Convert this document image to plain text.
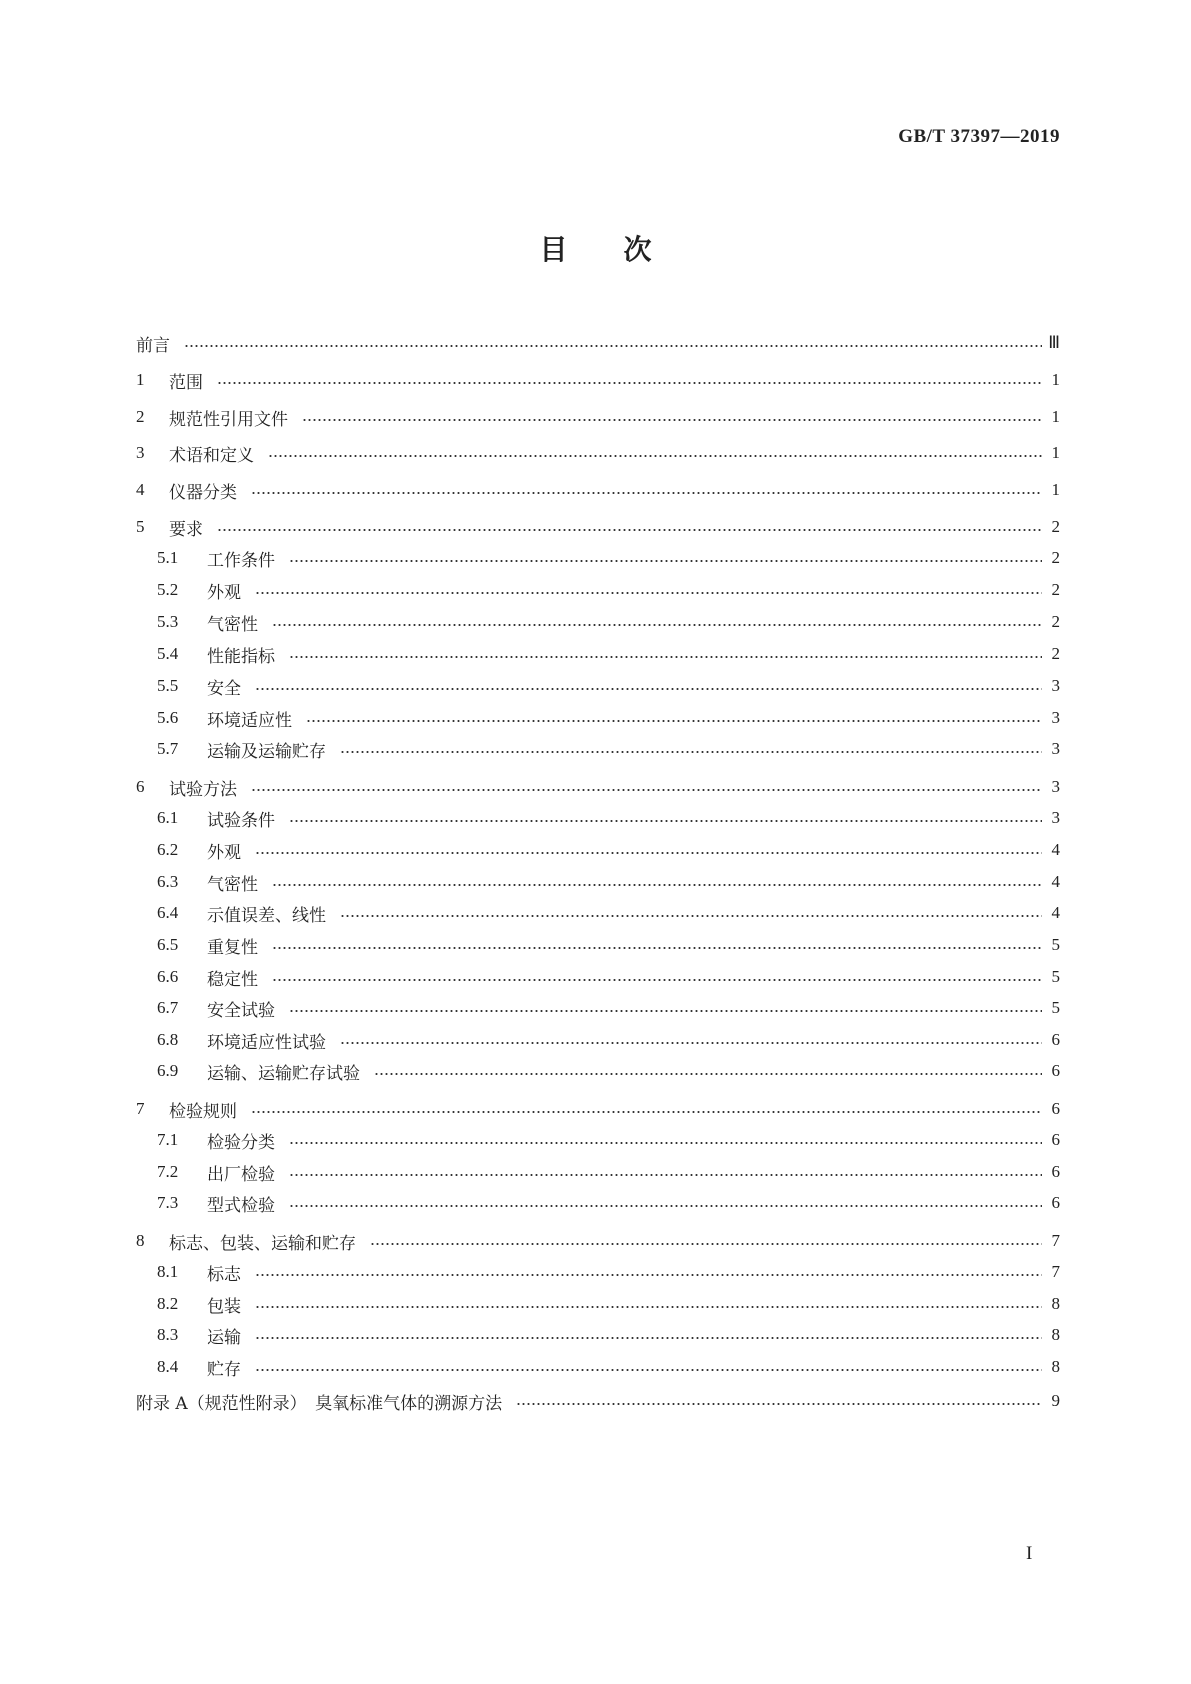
GB/T 37397—2019
目 次
前言	Ⅲ
1	范围	1
2	规范性引用文件	1
3	术语和定义	1
4	仪器分类	1
5	要求	2
5.1	工作条件	2
5.2	外观	2
5.3	气密性	2
5.4	性能指标	2
5.5	安全	3
5.6	环境适应性	3
5.7	运输及运输贮存	3
6	试验方法	3
6.1	试验条件	3
6.2	外观	4
6.3	气密性	4
6.4	示值误差、线性	4
6.5	重复性	5
6.6	稳定性	5
6.7	安全试验	5
6.8	环境适应性试验	6
6.9	运输、运输贮存试验	6
7	检验规则	6
7.1	检验分类	6
7.2	出厂检验	6
7.3	型式检验	6
8	标志、包装、运输和贮存	7
8.1	标志	7
8.2	包装	8
8.3	运输	8
8.4	贮存	8
附录 A（规范性附录）　臭氧标准气体的溯源方法	9
I
